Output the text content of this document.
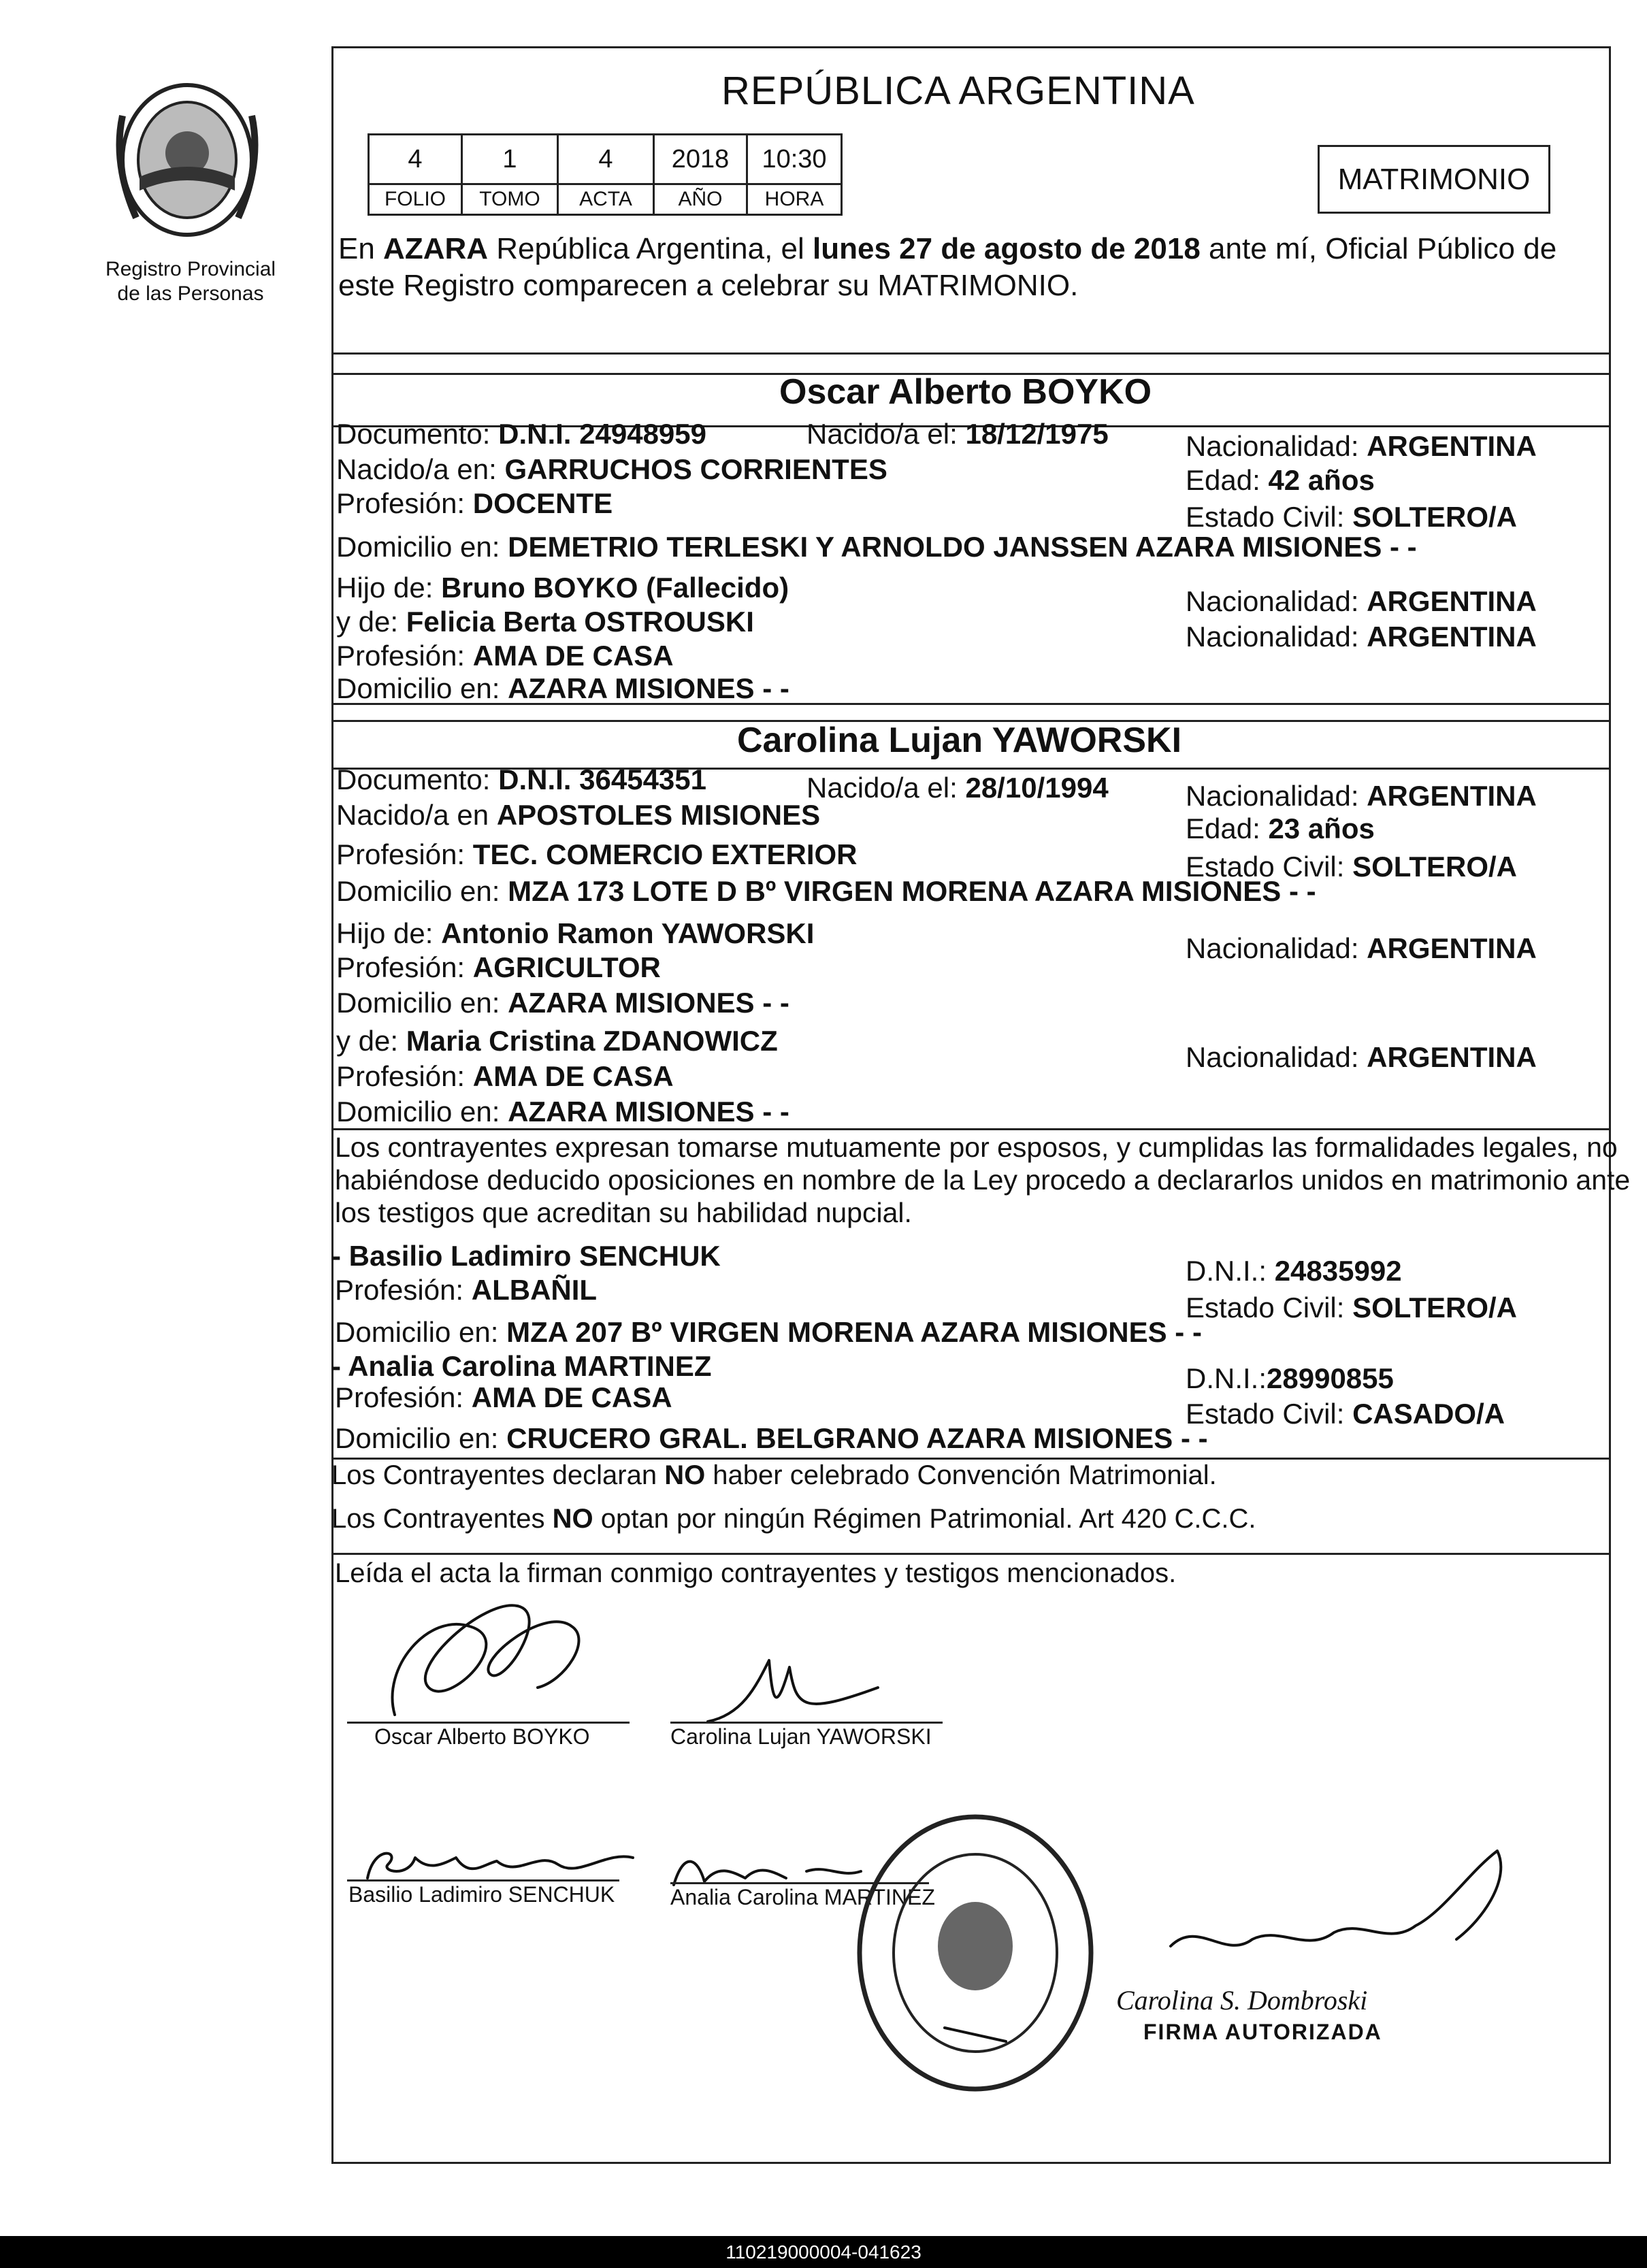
Registro Provincial
de las Personas
REPÚBLICA ARGENTINA
4	1	4	2018	10:30
FOLIO	TOMO	ACTA	AÑO	HORA
MATRIMONIO
En AZARA República Argentina, el lunes 27 de agosto de 2018 ante mí, Oficial Público de
este Registro comparecen a celebrar su MATRIMONIO.
Oscar Alberto BOYKO
Documento: D.N.I. 24948959	Nacido/a el: 18/12/1975	Nacionalidad: ARGENTINA
Nacido/a en: GARRUCHOS CORRIENTES	Edad: 42 años
Profesión: DOCENTE	Estado Civil: SOLTERO/A
Domicilio en: DEMETRIO TERLESKI Y ARNOLDO JANSSEN AZARA MISIONES - -
Hijo de: Bruno BOYKO (Fallecido)	Nacionalidad: ARGENTINA
y de: Felicia Berta OSTROUSKI	Nacionalidad: ARGENTINA
Profesión: AMA DE CASA
Domicilio en: AZARA MISIONES - -
Carolina Lujan YAWORSKI
Documento: D.N.I. 36454351	Nacido/a el: 28/10/1994	Nacionalidad: ARGENTINA
Nacido/a en APOSTOLES MISIONES	Edad: 23 años
Profesión: TEC. COMERCIO EXTERIOR	Estado Civil: SOLTERO/A
Domicilio en: MZA 173 LOTE D Bº VIRGEN MORENA AZARA MISIONES - -
Hijo de: Antonio Ramon YAWORSKI	Nacionalidad: ARGENTINA
Profesión: AGRICULTOR
Domicilio en: AZARA MISIONES - -
y de: Maria Cristina ZDANOWICZ
Nacionalidad: ARGENTINA
Profesión: AMA DE CASA
Domicilio en: AZARA MISIONES - -
Los contrayentes expresan tomarse mutuamente por esposos, y cumplidas las formalidades legales, no
habiéndose deducido oposiciones en nombre de la Ley procedo a declararlos unidos en matrimonio ante
los testigos que acreditan su habilidad nupcial.
- Basilio Ladimiro SENCHUK	D.N.I.: 24835992
Profesión: ALBAÑIL
Estado Civil: SOLTERO/A
Domicilio en: MZA 207 Bº VIRGEN MORENA AZARA MISIONES - -
- Analia Carolina MARTINEZ	D.N.I.:28990855
Profesión: AMA DE CASA
Estado Civil: CASADO/A
Domicilio en: CRUCERO GRAL. BELGRANO AZARA MISIONES - -
Los Contrayentes declaran NO haber celebrado Convención Matrimonial.
Los Contrayentes NO optan por ningún Régimen Patrimonial. Art 420 C.C.C.
Leída el acta la firman conmigo contrayentes y testigos mencionados.
Oscar Alberto BOYKO	Carolina Lujan YAWORSKI
Basilio Ladimiro SENCHUK	Analia Carolina MARTINEZ
Carolina S. Dombroski
FIRMA AUTORIZADA
110219000004-041623
